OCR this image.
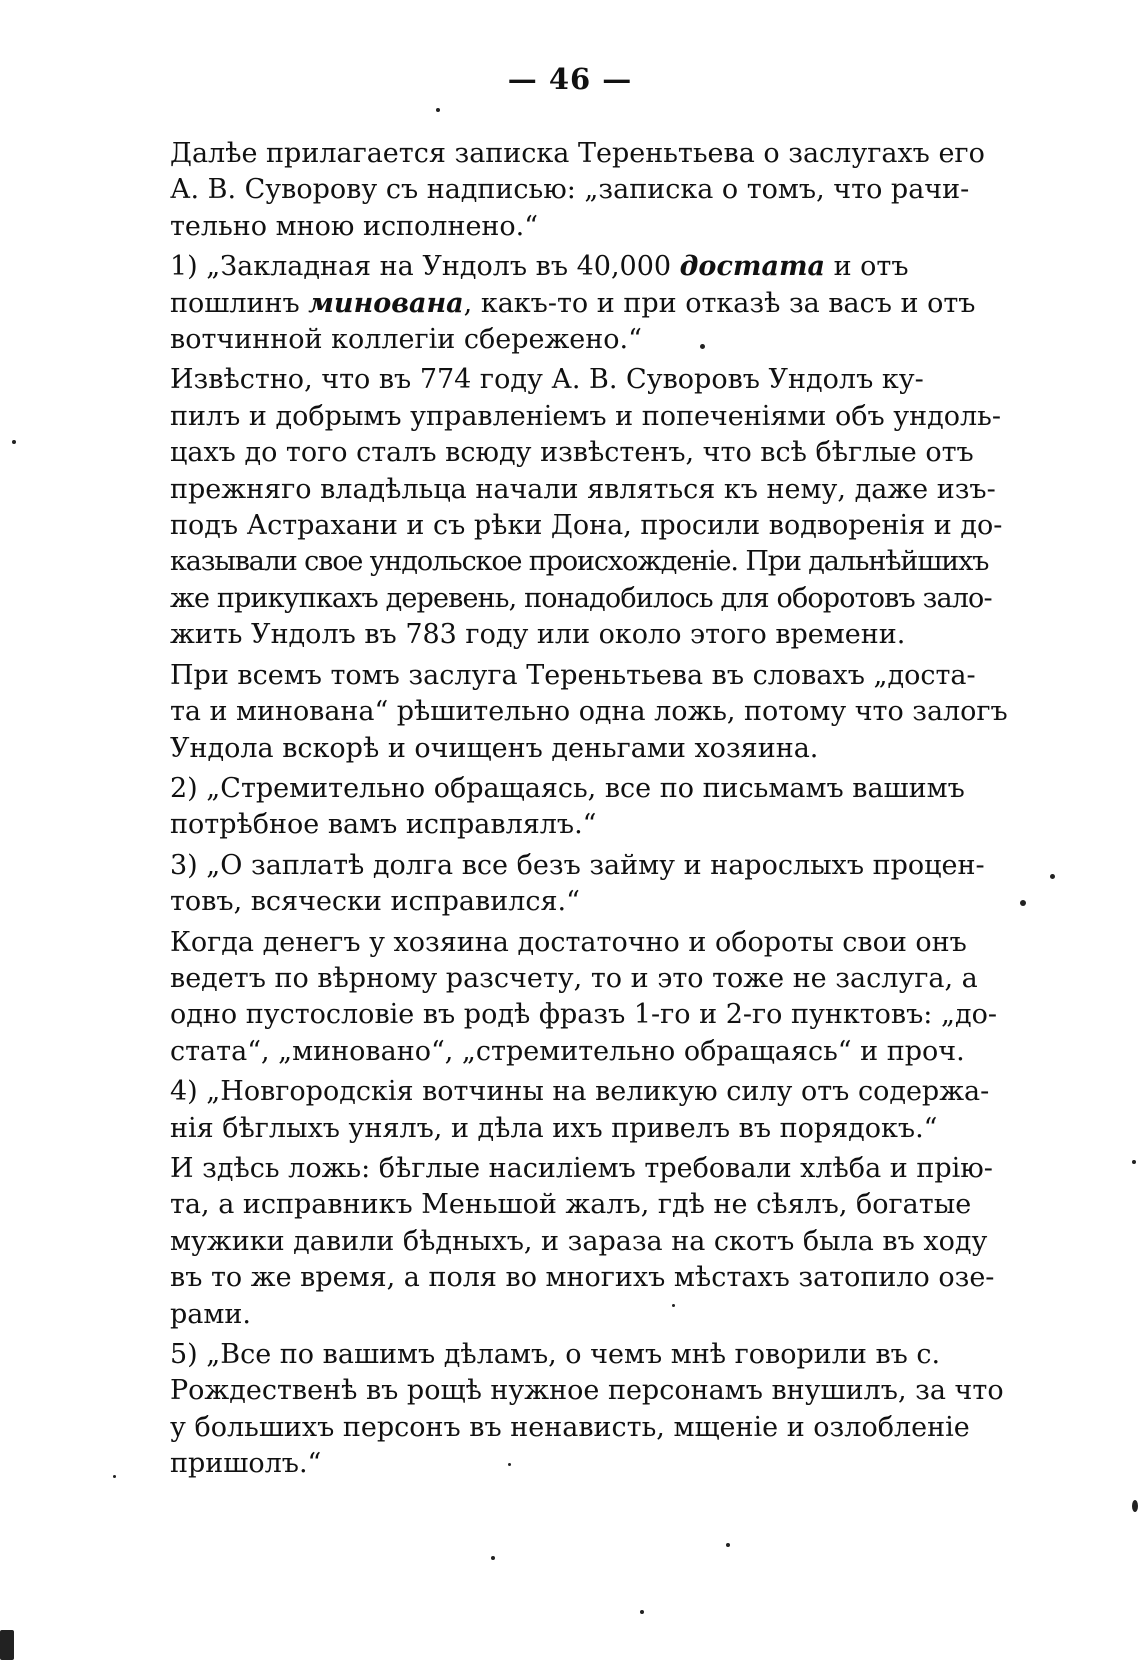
— 46 —
Далѣе прилагается записка Тереньтьева о заслугахъ его
А. В. Суворову съ надписью: „записка о томъ, что рачи-
тельно мною исполнено.“
1) „Закладная на Ундолъ въ 40,000 достата и отъ
пошлинъ минована, какъ-то и при отказѣ за васъ и отъ
вотчинной коллегіи сбережено.“
Извѣстно, что въ 774 году А. В. Суворовъ Ундолъ ку-
пилъ и добрымъ управленіемъ и попеченіями объ ундоль-
цахъ до того сталъ всюду извѣстенъ, что всѣ бѣглые отъ
прежняго владѣльца начали являться къ нему, даже изъ-
подъ Астрахани и съ рѣки Дона, просили водворенія и до-
казывали свое ундольское происхожденіе. При дальнѣйшихъ
же прикупкахъ деревень, понадобилось для оборотовъ зало-
жить Ундолъ въ 783 году или около этого времени.
При всемъ томъ заслуга Тереньтьева въ словахъ „доста-
та и минована“ рѣшительно одна ложь, потому что залогъ
Ундола вскорѣ и очищенъ деньгами хозяина.
2) „Стремительно обращаясь, все по письмамъ вашимъ
потрѣбное вамъ исправлялъ.“
3) „О заплатѣ долга все безъ займу и нарослыхъ процен-
товъ, всячески исправился.“
Когда денегъ у хозяина достаточно и обороты свои онъ
ведетъ по вѣрному разсчету, то и это тоже не заслуга, а
одно пустословіе въ родѣ фразъ 1-го и 2-го пунктовъ: „до-
стата“, „миновано“, „стремительно обращаясь“ и проч.
4) „Новгородскія вотчины на великую силу отъ содержа-
нія бѣглыхъ унялъ, и дѣла ихъ привелъ въ порядокъ.“
И здѣсь ложь: бѣглые насиліемъ требовали хлѣба и прію-
та, а исправникъ Меньшой жалъ, гдѣ не сѣялъ, богатые
мужики давили бѣдныхъ, и зараза на скотъ была въ ходу
въ то же время, а поля во многихъ мѣстахъ затопило озе-
рами.
5) „Все по вашимъ дѣламъ, о чемъ мнѣ говорили въ с.
Рождественѣ въ рощѣ нужное персонамъ внушилъ, за что
у большихъ персонъ въ ненависть, мщеніе и озлобленіе
пришолъ.“
